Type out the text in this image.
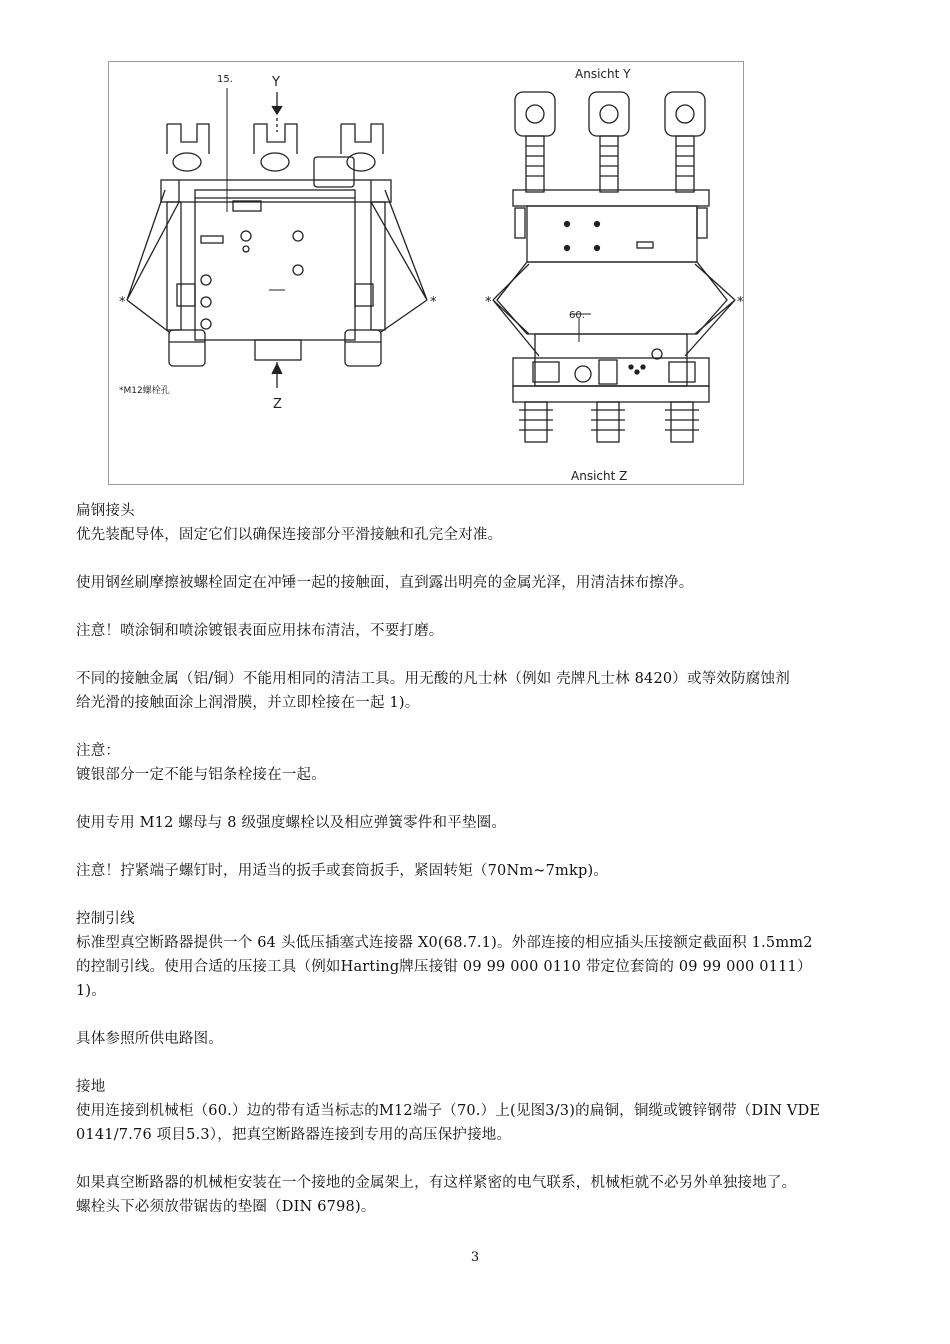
15.	Y
Z
*	*
*M12螺栓孔
Ansicht Y
Ansicht Z
60.
*	*

扁钢接头

优先装配导体，固定它们以确保连接部分平滑接触和孔完全对准。

使用钢丝刷摩擦被螺栓固定在冲锤一起的接触面，直到露出明亮的金属光泽，用清洁抹布擦净。

注意！喷涂铜和喷涂镀银表面应用抹布清洁，不要打磨。

不同的接触金属（铝/铜）不能用相同的清洁工具。用无酸的凡士林（例如 壳牌凡士林 8420）或等效防腐蚀剂

给光滑的接触面涂上润滑膜，并立即栓接在一起 1)。

注意：

镀银部分一定不能与铝条栓接在一起。

使用专用 M12 螺母与 8 级强度螺栓以及相应弹簧零件和平垫圈。

注意！拧紧端子螺钉时，用适当的扳手或套筒扳手，紧固转矩（70Nm~7mkp)。

控制引线

标准型真空断路器提供一个 64 头低压插塞式连接器 X0(68.7.1)。外部连接的相应插头压接额定截面积 1.5mm2

的控制引线。使用合适的压接工具（例如Harting牌压接钳 09 99 000 0110 带定位套筒的 09 99 000 0111）

1)。

具体参照所供电路图。

接地

使用连接到机械柜（60.）边的带有适当标志的M12端子（70.）上(见图3/3)的扁铜，铜缆或镀锌钢带（DIN VDE

0141/7.76 项目5.3），把真空断路器连接到专用的高压保护接地。

如果真空断路器的机械柜安装在一个接地的金属架上，有这样紧密的电气联系，机械柜就不必另外单独接地了。

螺栓头下必须放带锯齿的垫圈（DIN 6798)。

3
